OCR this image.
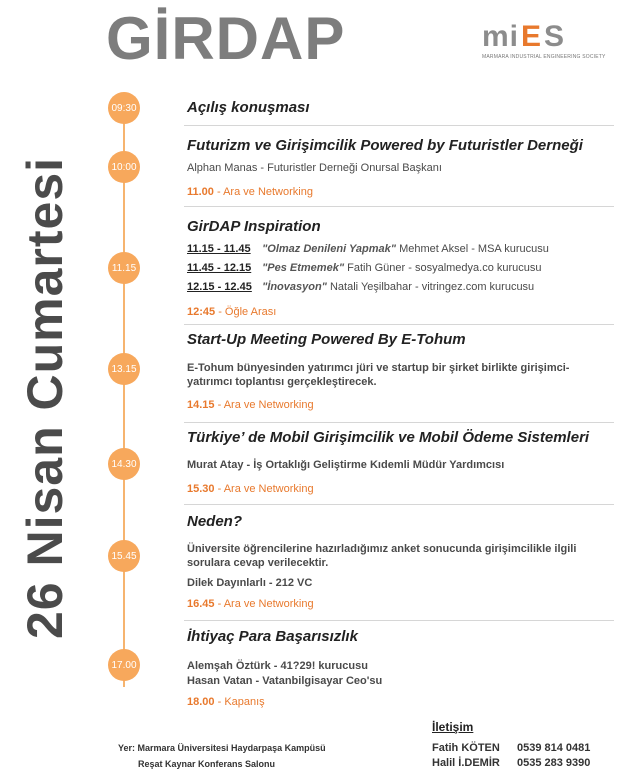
GİRDAP	mi E S
MARMARA INDUSTRIAL ENGINEERING SOCIETY
26 Nisan Cumartesi
09:30
10:00
11.15
13.15
14.30
15.45
17.00
Açılış konuşması
Futurizm ve Girişimcilik Powered by Futuristler Derneği
Alphan Manas - Futuristler Derneği Onursal Başkanı
11.00 - Ara ve Networking
GirDAP Inspiration
11.15 - 11.45 "Olmaz Denileni Yapmak" Mehmet Aksel - MSA kurucusu
11.45 - 12.15 "Pes Etmemek" Fatih Güner - sosyalmedya.co kurucusu
12.15 - 12.45 "İnovasyon" Natali Yeşilbahar - vitringez.com kurucusu
12:45 - Öğle Arası
Start-Up Meeting Powered By E-Tohum
E-Tohum bünyesinden yatırımcı jüri ve startup bir şirket birlikte girişimci-
yatırımcı toplantısı gerçekleştirecek.
14.15 - Ara ve Networking
Türkiye’ de Mobil Girişimcilik ve Mobil Ödeme Sistemleri
Murat Atay - İş Ortaklığı Geliştirme Kıdemli Müdür Yardımcısı
15.30 - Ara ve Networking
Neden?
Üniversite öğrencilerine hazırladığımız anket sonucunda girişimcilikle ilgili
sorulara cevap verilecektir.
Dilek Dayınlarlı - 212 VC
16.45 - Ara ve Networking
İhtiyaç Para Başarısızlık
Alemşah Öztürk - 41?29! kurucusu
Hasan Vatan - Vatanbilgisayar Ceo'su
18.00 - Kapanış
Yer: Marmara Üniversitesi Haydarpaşa Kampüsü
Reşat Kaynar Konferans Salonu
İletişim
Fatih KÖTEN 0539 814 0481
Halil İ.DEMİR 0535 283 9390
